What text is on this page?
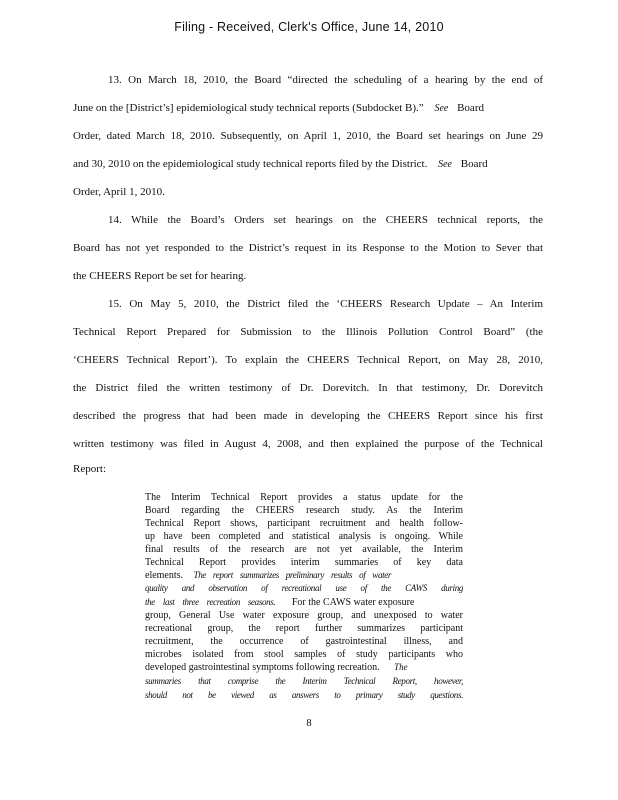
Filing - Received, Clerk's Office, June 14, 2010
13. On March 18, 2010, the Board “directed the scheduling of a hearing by the end of
June on the [District’s] epidemiological study technical reports (Subdocket B).” See Board
Order, dated March 18, 2010. Subsequently, on April 1, 2010, the Board set hearings on June 29
and 30, 2010 on the epidemiological study technical reports filed by the District. See Board
Order, April 1, 2010.
14. While the Board’s Orders set hearings on the CHEERS technical reports, the
Board has not yet responded to the District’s request in its Response to the Motion to Sever that
the CHEERS Report be set for hearing.
15. On May 5, 2010, the District filed the ‘CHEERS Research Update – An Interim
Technical Report Prepared for Submission to the Illinois Pollution Control Board” (the
‘CHEERS Technical Report’). To explain the CHEERS Technical Report, on May 28, 2010,
the District filed the written testimony of Dr. Dorevitch. In that testimony, Dr. Dorevitch
described the progress that had been made in developing the CHEERS Report since his first
written testimony was filed in August 4, 2008, and then explained the purpose of the Technical
Report:
The Interim Technical Report provides a status update for the
Board regarding the CHEERS research study. As the Interim
Technical Report shows, participant recruitment and health follow-
up have been completed and statistical analysis is ongoing. While
final results of the research are not yet available, the Interim
Technical Report provides interim summaries of key data
elements. The report summarizes preliminary results of water
quality and observation of recreational use of the CAWS during
the last three recreation seasons. For the CAWS water exposure
group, General Use water exposure group, and unexposed to water
recreational group, the report further summarizes participant
recruitment, the occurrence of gastrointestinal illness, and
microbes isolated from stool samples of study participants who
developed gastrointestinal symptoms following recreation. The
summaries that comprise the Interim Technical Report, however,
should not be viewed as answers to primary study questions.
8
